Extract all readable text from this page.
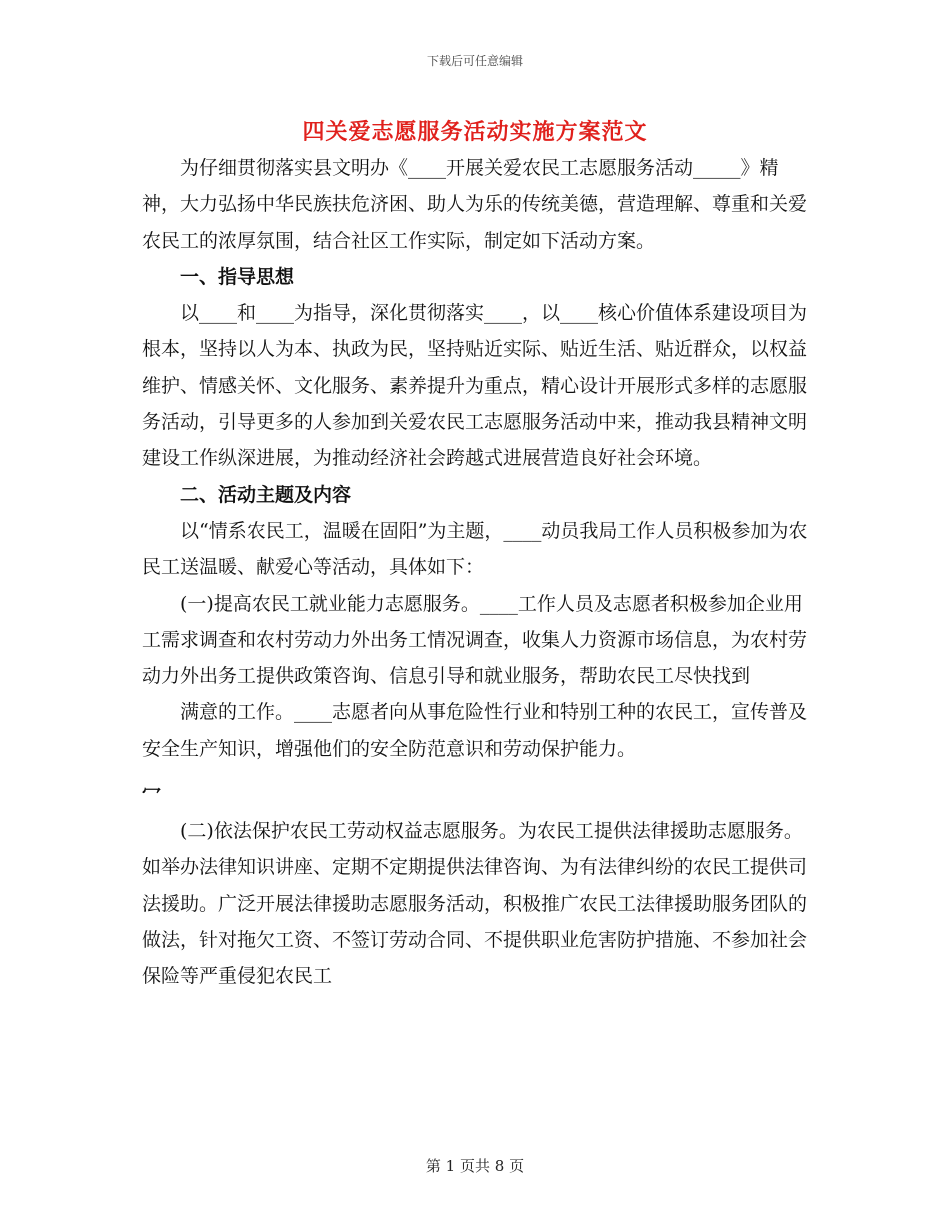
下载后可任意编辑
四关爱志愿服务活动实施方案范文

为仔细贯彻落实县文明办《____开展关爱农民工志愿服务活动_____》精神，大力弘扬中华民族扶危济困、助人为乐的传统美德，营造理解、尊重和关爱农民工的浓厚氛围，结合社区工作实际，制定如下活动方案。

一、指导思想

以____和____为指导，深化贯彻落实____，以____核心价值体系建设项目为根本，坚持以人为本、执政为民，坚持贴近实际、贴近生活、贴近群众，以权益维护、情感关怀、文化服务、素养提升为重点，精心设计开展形式多样的志愿服务活动，引导更多的人参加到关爱农民工志愿服务活动中来，推动我县精神文明建设工作纵深进展，为推动经济社会跨越式进展营造良好社会环境。

二、活动主题及内容

以“情系农民工，温暖在固阳”为主题，____动员我局工作人员积极参加为农民工送温暖、献爱心等活动，具体如下：

(一)提高农民工就业能力志愿服务。____工作人员及志愿者积极参加企业用工需求调查和农村劳动力外出务工情况调查，收集人力资源市场信息，为农村劳动力外出务工提供政策咨询、信息引导和就业服务，帮助农民工尽快找到

满意的工作。____志愿者向从事危险性行业和特别工种的农民工，宣传普及安全生产知识，增强他们的安全防范意识和劳动保护能力。

冖

(二)依法保护农民工劳动权益志愿服务。为农民工提供法律援助志愿服务。如举办法律知识讲座、定期不定期提供法律咨询、为有法律纠纷的农民工提供司法援助。广泛开展法律援助志愿服务活动，积极推广农民工法律援助服务团队的做法，针对拖欠工资、不签订劳动合同、不提供职业危害防护措施、不参加社会保险等严重侵犯农民工

第 1 页共 8 页
